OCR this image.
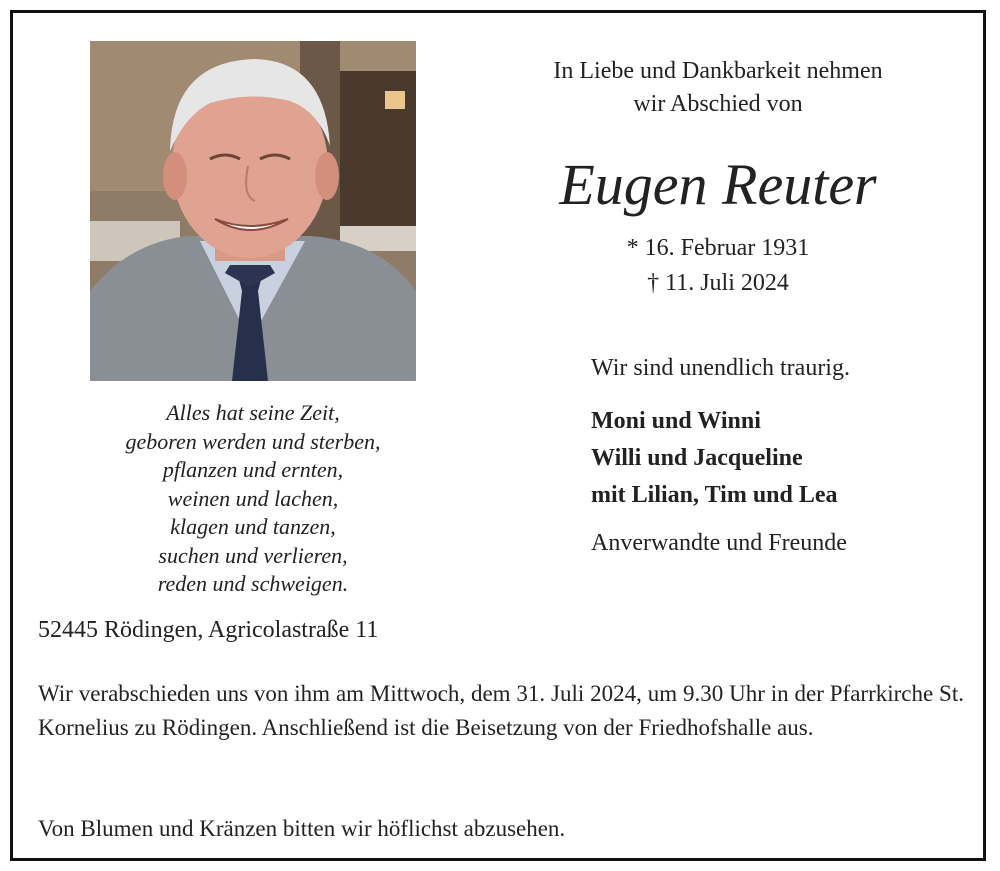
Alles hat seine Zeit,
geboren werden und sterben,
pflanzen und ernten,
weinen und lachen,
klagen und tanzen,
suchen und verlieren,
reden und schweigen.
In Liebe und Dankbarkeit nehmen
wir Abschied von
Eugen Reuter
* 16. Februar 1931
† 11. Juli 2024
Wir sind unendlich traurig.
Moni und Winni
Willi und Jacqueline
mit Lilian, Tim und Lea
Anverwandte und Freunde
52445 Rödingen, Agricolastraße 11
Wir verabschieden uns von ihm am Mittwoch, dem 31. Juli 2024, um 9.30 Uhr in der Pfarrkirche St. Kornelius zu Rödingen. Anschließend ist die Beisetzung von der Friedhofshalle aus.
Von Blumen und Kränzen bitten wir höflichst abzusehen.
